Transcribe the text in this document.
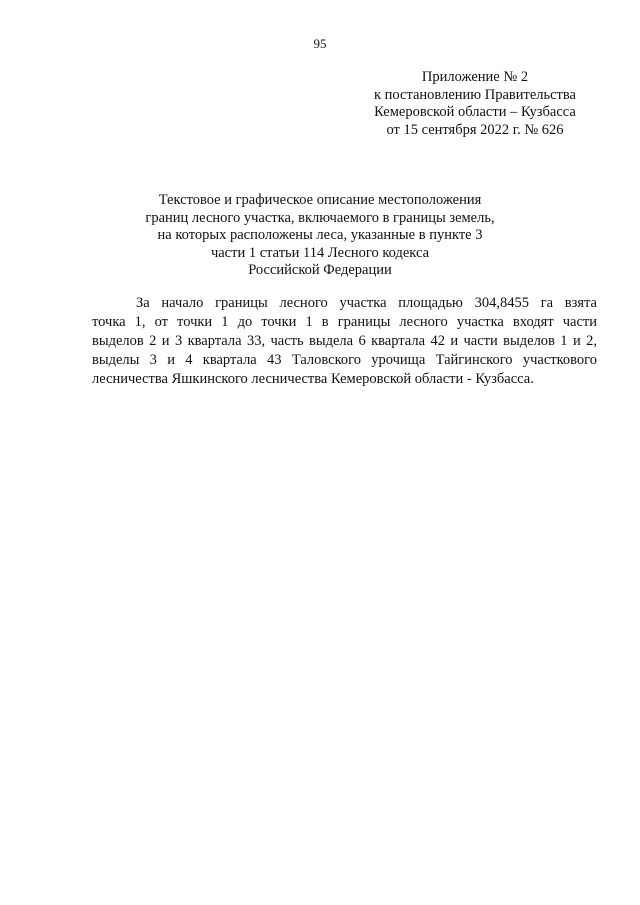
95
Приложение № 2
к постановлению Правительства
Кемеровской области – Кузбасса
от 15 сентября 2022 г. № 626
Текстовое и графическое описание местоположения
границ лесного участка, включаемого в границы земель,
на которых расположены леса, указанные в пункте 3
части 1 статьи 114 Лесного кодекса
Российской Федерации
За начало границы лесного участка площадью 304,8455 га взята
точка 1, от точки 1 до точки 1 в границы лесного участка входят части
выделов 2 и 3 квартала 33, часть выдела 6 квартала 42 и части выделов 1 и 2,
выделы 3 и 4 квартала 43 Таловского урочища Тайгинского участкового
лесничества Яшкинского лесничества Кемеровской области - Кузбасса.
